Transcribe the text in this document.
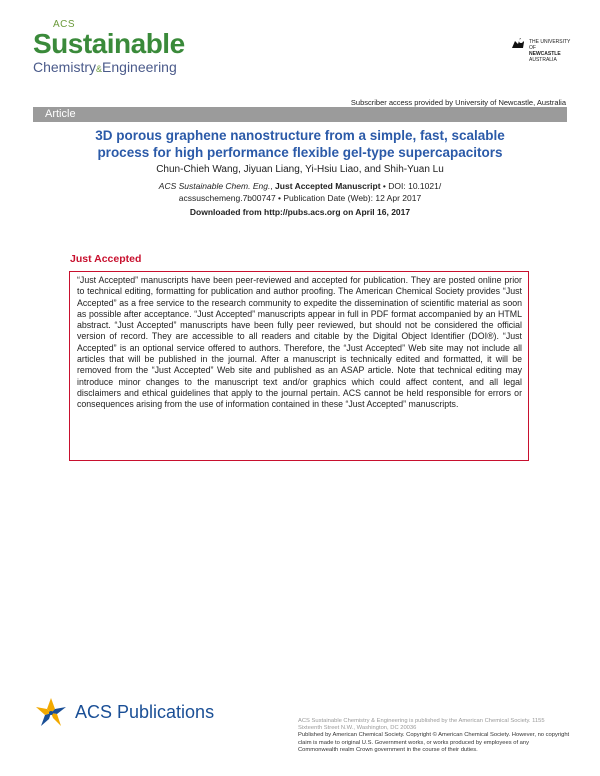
ACS
Sustainable
Chemistry&Engineering
THE UNIVERSITY OF
NEWCASTLE
AUSTRALIA
Subscriber access provided by University of Newcastle, Australia
Article
3D porous graphene nanostructure from a simple, fast, scalable
process for high performance flexible gel-type supercapacitors
Chun-Chieh Wang, Jiyuan Liang, Yi-Hsiu Liao, and Shih-Yuan Lu
ACS Sustainable Chem. Eng., Just Accepted Manuscript • DOI: 10.1021/
acssuschemeng.7b00747 • Publication Date (Web): 12 Apr 2017
Downloaded from http://pubs.acs.org on April 16, 2017
Just Accepted

“Just Accepted” manuscripts have been peer-reviewed and accepted for publication. They are posted online prior to technical editing, formatting for publication and author proofing. The American Chemical Society provides “Just Accepted” as a free service to the research community to expedite the dissemination of scientific material as soon as possible after acceptance. “Just Accepted” manuscripts appear in full in PDF format accompanied by an HTML abstract. “Just Accepted” manuscripts have been fully peer reviewed, but should not be considered the official version of record. They are accessible to all readers and citable by the Digital Object Identifier (DOI®). “Just Accepted” is an optional service offered to authors. Therefore, the “Just Accepted” Web site may not include all articles that will be published in the journal. After a manuscript is technically edited and formatted, it will be removed from the “Just Accepted” Web site and published as an ASAP article. Note that technical editing may introduce minor changes to the manuscript text and/or graphics which could affect content, and all legal disclaimers and ethical guidelines that apply to the journal pertain. ACS cannot be held responsible for errors or consequences arising from the use of information contained in these “Just Accepted” manuscripts.

ACS Publications	ACS Sustainable Chemistry & Engineering is published by the American Chemical Society. 1155 Sixteenth Street N.W., Washington, DC 20036
Published by American Chemical Society. Copyright © American Chemical Society. However, no copyright claim is made to original U.S. Government works, or works produced by employees of any Commonwealth realm Crown government in the course of their duties.
